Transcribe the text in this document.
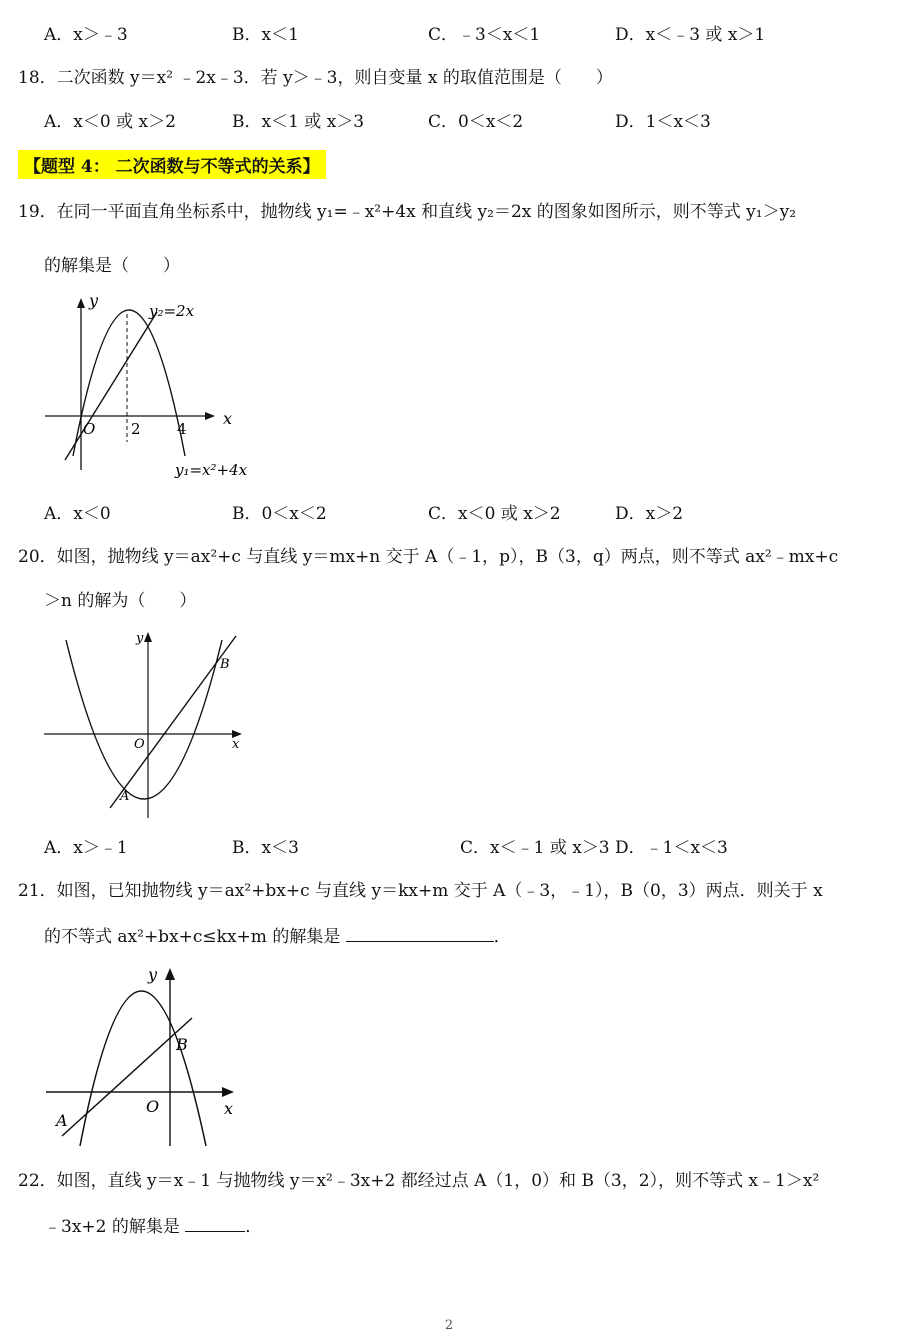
A．x＞﹣3	B．x＜1	C．﹣3＜x＜1	D．x＜﹣3 或 x＞1
18．二次函数 y＝x² ﹣2x﹣3．若 y＞﹣3，则自变量 x 的取值范围是（　　）
A．x＜0 或 x＞2	B．x＜1 或 x＞3	C．0＜x＜2	D．1＜x＜3
【题型 4： 二次函数与不等式的关系】
19．在同一平面直角坐标系中，抛物线 y₁=﹣x²+4x 和直线 y₂＝2x 的图象如图所示，则不等式 y₁＞y₂
的解集是（　　）
y
x
O 2 4
y₂=2x
y₁=x²+4x
A．x＜0	B．0＜x＜2	C．x＜0 或 x＞2	D．x＞2
20．如图，抛物线 y＝ax²+c 与直线 y＝mx+n 交于 A（﹣1，p），B（3，q）两点，则不等式 ax²﹣mx+c
＞n 的解为（　　）
y
x
O
A
B
A．x＞﹣1	B．x＜3	C．x＜﹣1 或 x＞3 D．﹣1＜x＜3
21．如图，已知抛物线 y＝ax²+bx+c 与直线 y＝kx+m 交于 A（﹣3，﹣1），B（0，3）两点．则关于 x
的不等式 ax²+bx+c≤kx+m 的解集是	．
y
x
O
A
B
22．如图，直线 y＝x﹣1 与抛物线 y＝x²﹣3x+2 都经过点 A（1，0）和 B（3，2），则不等式 x﹣1＞x²
﹣3x+2 的解集是	．
2
